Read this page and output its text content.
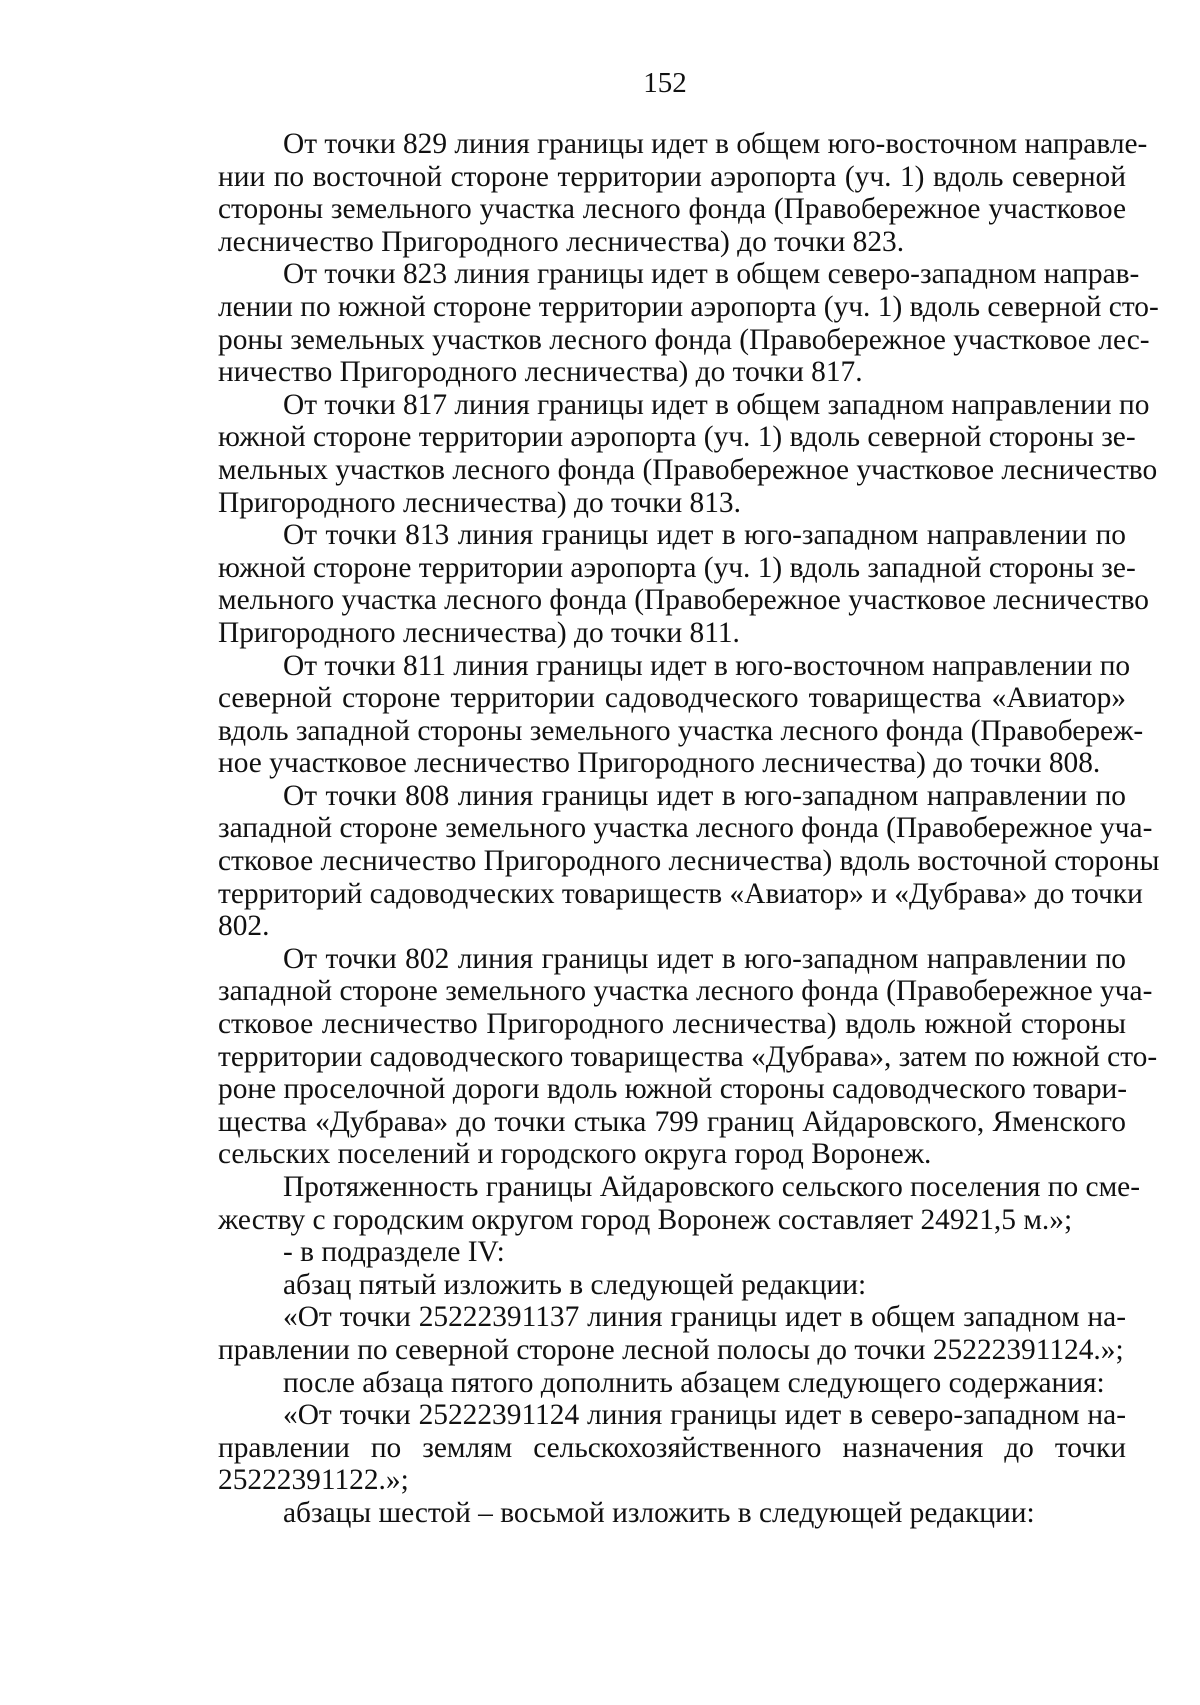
152
От точки 829 линия границы идет в общем юго-восточном направле-
нии по восточной стороне территории аэропорта (уч. 1) вдоль северной
стороны земельного участка лесного фонда (Правобережное участковое
лесничество Пригородного лесничества) до точки 823.
От точки 823 линия границы идет в общем северо-западном направ-
лении по южной стороне территории аэропорта (уч. 1) вдоль северной сто-
роны земельных участков лесного фонда (Правобережное участковое лес-
ничество Пригородного лесничества) до точки 817.
От точки 817 линия границы идет в общем западном направлении по
южной стороне территории аэропорта (уч. 1) вдоль северной стороны зе-
мельных участков лесного фонда (Правобережное участковое лесничество
Пригородного лесничества) до точки 813.
От точки 813 линия границы идет в юго-западном направлении по
южной стороне территории аэропорта (уч. 1) вдоль западной стороны зе-
мельного участка лесного фонда (Правобережное участковое лесничество
Пригородного лесничества) до точки 811.
От точки 811 линия границы идет в юго-восточном направлении по
северной стороне территории садоводческого товарищества «Авиатор»
вдоль западной стороны земельного участка лесного фонда (Правобереж-
ное участковое лесничество Пригородного лесничества) до точки 808.
От точки 808 линия границы идет в юго-западном направлении по
западной стороне земельного участка лесного фонда (Правобережное уча-
стковое лесничество Пригородного лесничества) вдоль восточной стороны
территорий садоводческих товариществ «Авиатор» и «Дубрава» до точки
802.
От точки 802 линия границы идет в юго-западном направлении по
западной стороне земельного участка лесного фонда (Правобережное уча-
стковое лесничество Пригородного лесничества) вдоль южной стороны
территории садоводческого товарищества «Дубрава», затем по южной сто-
роне проселочной дороги вдоль южной стороны садоводческого товари-
щества «Дубрава» до точки стыка 799 границ Айдаровского, Яменского
сельских поселений и городского округа город Воронеж.
Протяженность границы Айдаровского сельского поселения по сме-
жеству с городским округом город Воронеж составляет 24921,5 м.»;
- в подразделе IV:
абзац пятый изложить в следующей редакции:
«От точки 25222391137 линия границы идет в общем западном на-
правлении по северной стороне лесной полосы до точки 25222391124.»;
после абзаца пятого дополнить абзацем следующего содержания:
«От точки 25222391124 линия границы идет в северо-западном на-
правлении по землям сельскохозяйственного назначения до точки
25222391122.»;
абзацы шестой – восьмой изложить в следующей редакции:
